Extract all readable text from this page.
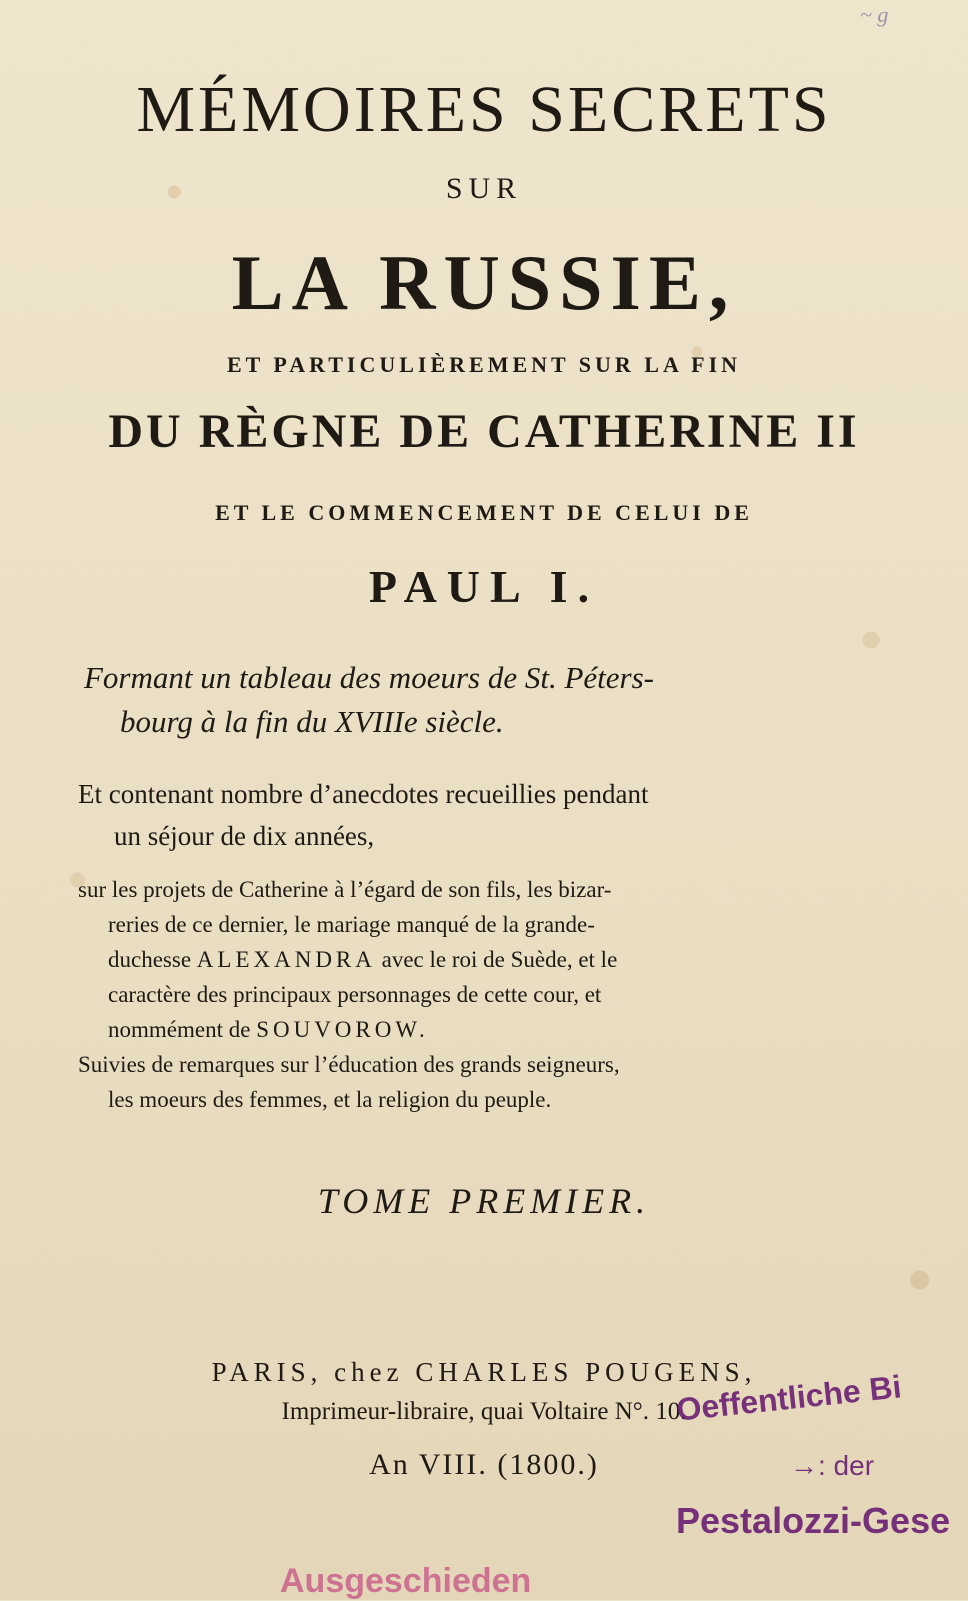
~ g
MÉMOIRES SECRETS
SUR
LA RUSSIE,
ET PARTICULIÈREMENT SUR LA FIN
DU RÈGNE DE CATHERINE II
ET LE COMMENCEMENT DE CELUI DE
PAUL I.
Formant un tableau des moeurs de St. Péters-
bourg à la fin du XVIIIe siècle.
Et contenant nombre d’anecdotes recueillies pendant
un séjour de dix années,
sur les projets de Catherine à l’égard de son fils, les bizar-
reries de ce dernier, le mariage manqué de la grande-
duchesse ALEXANDRA avec le roi de Suède, et le
caractère des principaux personnages de cette cour, et
nommément de SOUVOROW.
Suivies de remarques sur l’éducation des grands seigneurs,
les moeurs des femmes, et la religion du peuple.
TOME PREMIER.
PARIS, chez CHARLES POUGENS,
Imprimeur-libraire, quai Voltaire N°. 10.
An VIII. (1800.)
Oeffentliche Bi
→: der
Pestalozzi-Gese
Ausgeschieden
